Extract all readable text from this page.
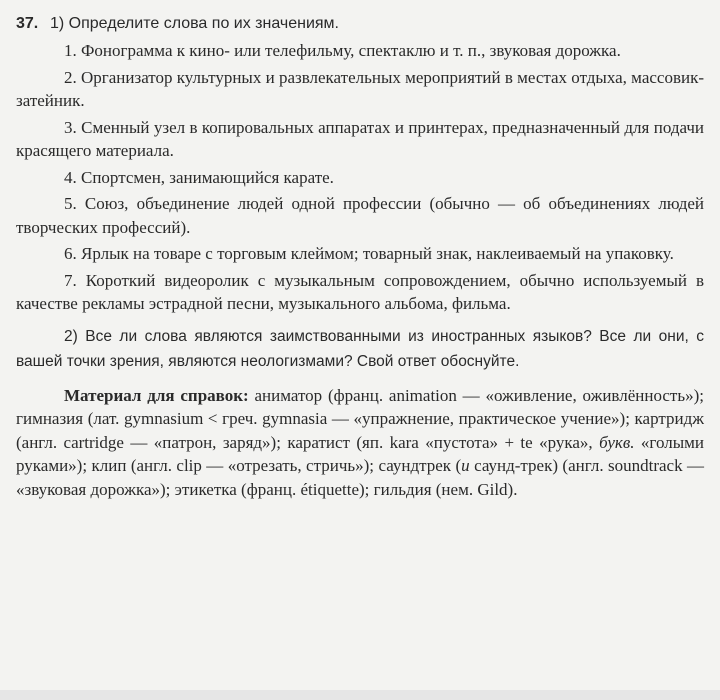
37. 1) Определите слова по их значениям.

1. Фонограмма к кино- или телефильму, спектаклю и т. п., звуковая дорожка.

2. Организатор культурных и развлекательных мероприятий в местах отдыха, массовик-затейник.

3. Сменный узел в копировальных аппаратах и принтерах, предназначенный для подачи красящего материала.

4. Спортсмен, занимающийся карате.

5. Союз, объединение людей одной профессии (обычно — об объединениях людей творческих профессий).

6. Ярлык на товаре с торговым клеймом; товарный знак, наклеиваемый на упаковку.

7. Короткий видеоролик с музыкальным сопровождением, обычно используемый в качестве рекламы эстрадной песни, музыкального альбома, фильма.

2) Все ли слова являются заимствованными из иностранных языков? Все ли они, с вашей точки зрения, являются неологизмами? Свой ответ обоснуйте.

Материал для справок: аниматор (франц. animation — «оживление, оживлённость»); гимназия (лат. gymnasium < греч. gymnasia — «упражнение, практическое учение»); картридж (англ. cartridge — «патрон, заряд»); каратист (яп. kara «пустота» + te «рука», букв. «голыми руками»); клип (англ. clip — «отрезать, стричь»); саундтрек (и саунд-трек) (англ. soundtrack — «звуковая дорожка»); этикетка (франц. étiquette); гильдия (нем. Gild).
